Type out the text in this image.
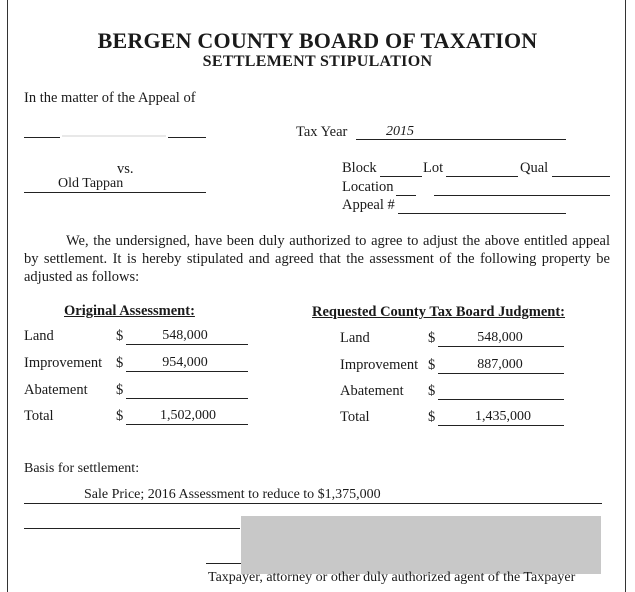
BERGEN COUNTY BOARD OF TAXATION
SETTLEMENT STIPULATION
In the matter of the Appeal of
Tax Year	2015
vs.
Old Tappan
Block	Lot	Qual
Location
Appeal #
We, the undersigned, have been duly authorized to agree to adjust the above entitled appeal by settlement. It is hereby stipulated and agreed that the assessment of the following property be adjusted as follows:
Original Assessment:
Land	$	548,000
Improvement $	954,000
Abatement $
Total	$	1,502,000
Requested County Tax Board Judgment:
Land	$	548,000
Improvement $	887,000
Abatement $
Total	$	1,435,000
Basis for settlement:
Sale Price; 2016 Assessment to reduce to $1,375,000
Taxpayer, attorney or other duly authorized agent of the Taxpayer
